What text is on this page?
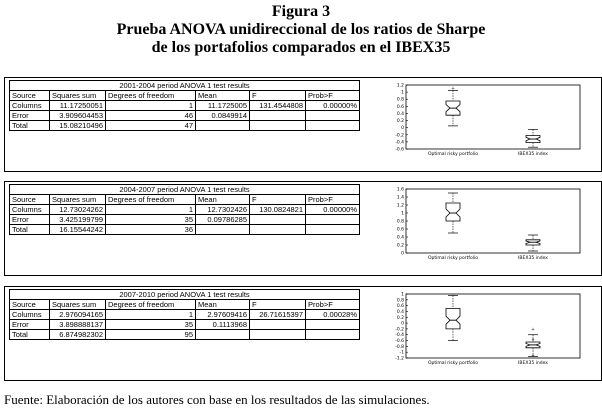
Figura 3
Prueba ANOVA unidireccional de los ratios de Sharpe
de los portafolios comparados en el IBEX35
2001-2004 period ANOVA 1 test results					
Source	Squares sum	Degrees of freedom	Mean	F	Prob>F
Columns	11.17250051	1	11.1725005	131.4544808	0.00000%
Error	3.909604453	46	0.0849914		
Total	15.08210496	47			
1.2
1
0.8
0.6
0.4
0.2
0
-0.2
-0.4
-0.6
+
Optimal risky portfolio	IBEX35 index
2004-2007 period ANOVA 1 test results					
Source	Squares sum	Degrees of freedom	Mean	F	Prob>F
Columns	12.73024262	1	12.7302426	130.0824821	0.00000%
Error	3.425199799	35	0.09786285		
Total	16.15544242	36			
1.6
1.4
1.2
1
0.8
0.6
0.4
0.2
0
Optimal risky portfolio	IBEX35 index
2007-2010 period ANOVA 1 test results					
Source	Squares sum	Degrees of freedom	Mean	F	Prob>F
Columns	2.976094165	1	2.97609416	26.71615397	0.00028%
Error	3.898888137	35	0.1113968		
Total	6.874982302	95			
1
0.8
0.6
0.4
0.2
0
-0.2
-0.4
-0.6
-0.8
-1
-1.2
Optimal risky portfolio
+
+
+
IBEX35 index
Fuente: Elaboración de los autores con base en los resultados de las simulaciones.
